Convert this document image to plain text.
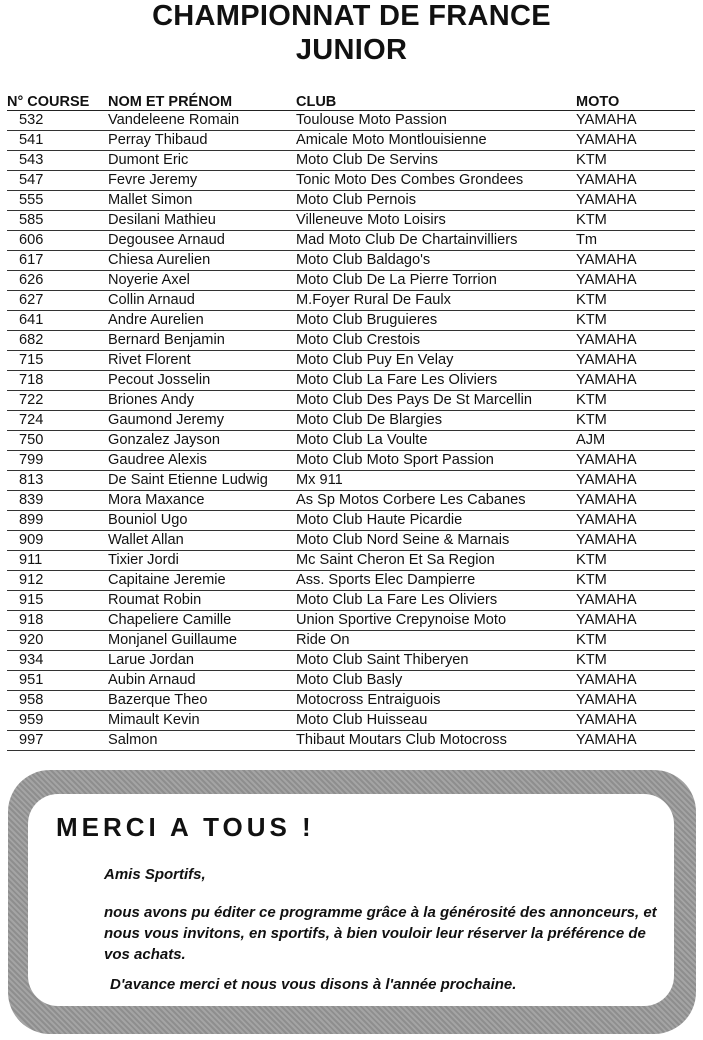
CHAMPIONNAT DE FRANCE
JUNIOR
N° COURSE	NOM ET PRÉNOM	CLUB	MOTO
532	Vandeleene Romain	Toulouse Moto Passion	YAMAHA
541	Perray Thibaud	Amicale Moto Montlouisienne	YAMAHA
543	Dumont Eric	Moto Club De Servins	KTM
547	Fevre Jeremy	Tonic Moto Des Combes Grondees	YAMAHA
555	Mallet Simon	Moto Club Pernois	YAMAHA
585	Desilani Mathieu	Villeneuve Moto Loisirs	KTM
606	Degousee Arnaud	Mad Moto Club De Chartainvilliers	Tm
617	Chiesa Aurelien	Moto Club Baldago's	YAMAHA
626	Noyerie Axel	Moto Club De La Pierre Torrion	YAMAHA
627	Collin Arnaud	M.Foyer Rural De Faulx	KTM
641	Andre Aurelien	Moto Club Bruguieres	KTM
682	Bernard Benjamin	Moto Club Crestois	YAMAHA
715	Rivet Florent	Moto Club Puy En Velay	YAMAHA
718	Pecout Josselin	Moto Club La Fare Les Oliviers	YAMAHA
722	Briones Andy	Moto Club Des Pays De St Marcellin	KTM
724	Gaumond Jeremy	Moto Club De Blargies	KTM
750	Gonzalez Jayson	Moto Club La Voulte	AJM
799	Gaudree Alexis	Moto Club Moto Sport Passion	YAMAHA
813	De Saint Etienne Ludwig	Mx 911	YAMAHA
839	Mora Maxance	As Sp Motos Corbere Les Cabanes	YAMAHA
899	Bouniol Ugo	Moto Club Haute Picardie	YAMAHA
909	Wallet Allan	Moto Club Nord Seine & Marnais	YAMAHA
911	Tixier Jordi	Mc Saint Cheron Et Sa Region	KTM
912	Capitaine Jeremie	Ass. Sports Elec Dampierre	KTM
915	Roumat Robin	Moto Club La Fare Les Oliviers	YAMAHA
918	Chapeliere Camille	Union Sportive Crepynoise Moto	YAMAHA
920	Monjanel Guillaume	Ride On	KTM
934	Larue Jordan	Moto Club Saint Thiberyen	KTM
951	Aubin Arnaud	Moto Club Basly	YAMAHA
958	Bazerque Theo	Motocross Entraiguois	YAMAHA
959	Mimault Kevin	Moto Club Huisseau	YAMAHA
997	Salmon	Thibaut Moutars Club Motocross	YAMAHA
MERCI A TOUS !
Amis Sportifs,
nous avons pu éditer ce programme grâce à la générosité des annonceurs, et nous vous invitons, en sportifs, à bien vouloir leur réserver la préférence de vos achats.
D'avance merci et nous vous disons à l'année prochaine.
